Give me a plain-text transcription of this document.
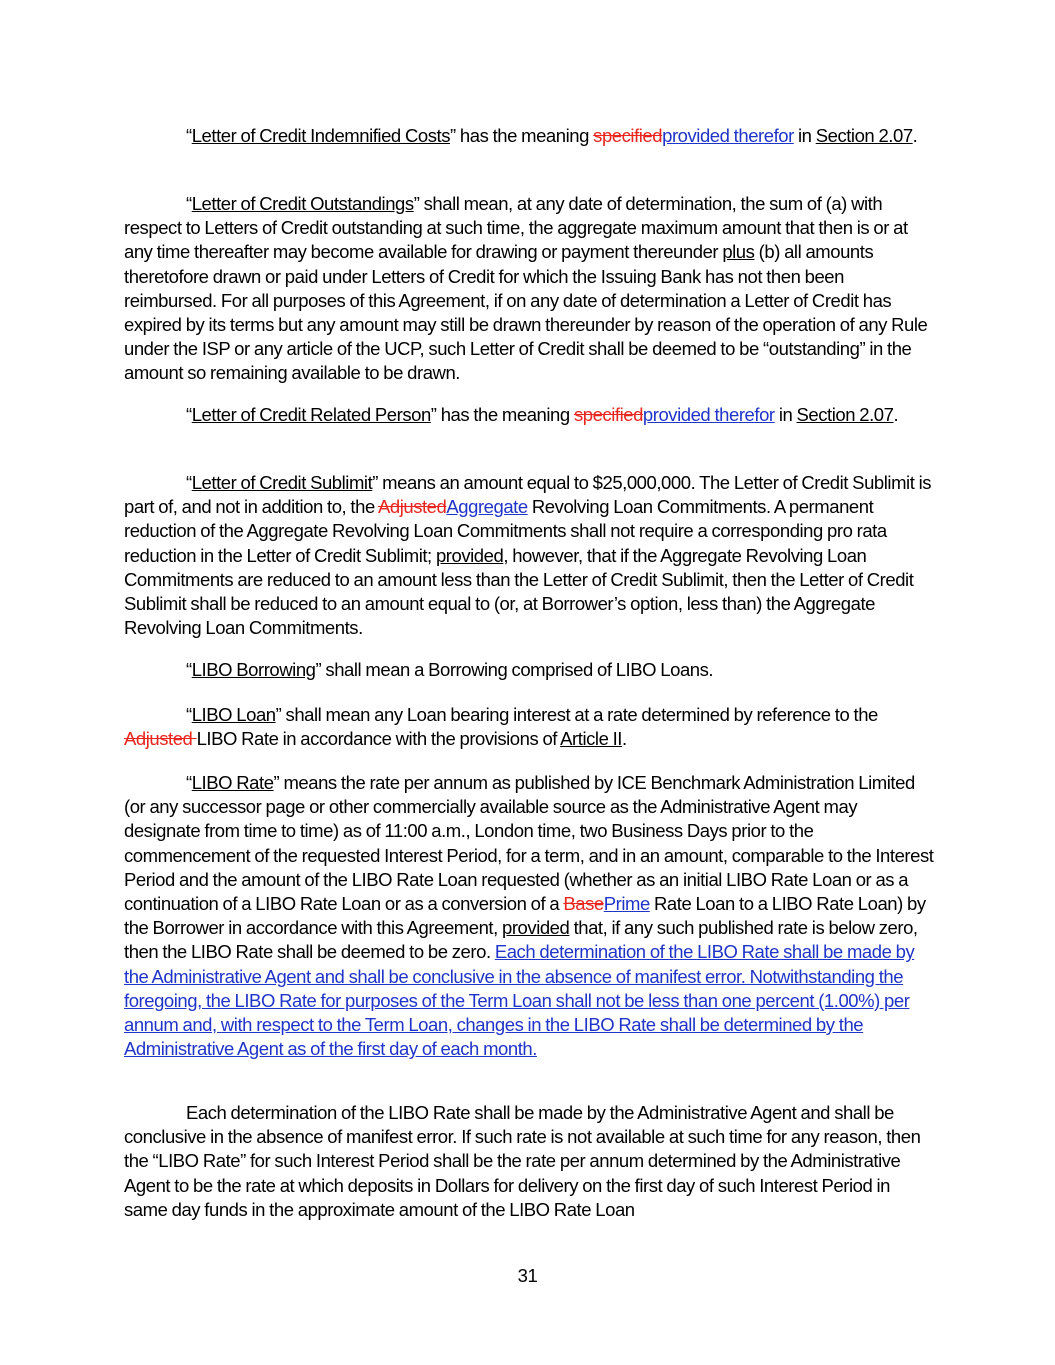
“Letter of Credit Indemnified Costs” has the meaning specifiedprovided therefor in Section 2.07.

“Letter of Credit Outstandings” shall mean, at any date of determination, the sum of (a) with respect to Letters of Credit outstanding at such time, the aggregate maximum amount that then is or at any time thereafter may become available for drawing or payment thereunder plus (b) all amounts theretofore drawn or paid under Letters of Credit for which the Issuing Bank has not then been reimbursed. For all purposes of this Agreement, if on any date of determination a Letter of Credit has expired by its terms but any amount may still be drawn thereunder by reason of the operation of any Rule under the ISP or any article of the UCP, such Letter of Credit shall be deemed to be “outstanding” in the amount so remaining available to be drawn.

“Letter of Credit Related Person” has the meaning specifiedprovided therefor in Section 2.07.

“Letter of Credit Sublimit” means an amount equal to $25,000,000. The Letter of Credit Sublimit is part of, and not in addition to, the AdjustedAggregate Revolving Loan Commitments. A permanent reduction of the Aggregate Revolving Loan Commitments shall not require a corresponding pro rata reduction in the Letter of Credit Sublimit; provided, however, that if the Aggregate Revolving Loan Commitments are reduced to an amount less than the Letter of Credit Sublimit, then the Letter of Credit Sublimit shall be reduced to an amount equal to (or, at Borrower’s option, less than) the Aggregate Revolving Loan Commitments.

“LIBO Borrowing” shall mean a Borrowing comprised of LIBO Loans.

“LIBO Loan” shall mean any Loan bearing interest at a rate determined by reference to the Adjusted LIBO Rate in accordance with the provisions of Article II.

“LIBO Rate” means the rate per annum as published by ICE Benchmark Administration Limited (or any successor page or other commercially available source as the Administrative Agent may designate from time to time) as of 11:00 a.m., London time, two Business Days prior to the commencement of the requested Interest Period, for a term, and in an amount, comparable to the Interest Period and the amount of the LIBO Rate Loan requested (whether as an initial LIBO Rate Loan or as a continuation of a LIBO Rate Loan or as a conversion of a BasePrime Rate Loan to a LIBO Rate Loan) by the Borrower in accordance with this Agreement, provided that, if any such published rate is below zero, then the LIBO Rate shall be deemed to be zero. Each determination of the LIBO Rate shall be made by the Administrative Agent and shall be conclusive in the absence of manifest error. Notwithstanding the foregoing, the LIBO Rate for purposes of the Term Loan shall not be less than one percent (1.00%) per annum and, with respect to the Term Loan, changes in the LIBO Rate shall be determined by the Administrative Agent as of the first day of each month.

Each determination of the LIBO Rate shall be made by the Administrative Agent and shall be conclusive in the absence of manifest error. If such rate is not available at such time for any reason, then the “LIBO Rate” for such Interest Period shall be the rate per annum determined by the Administrative Agent to be the rate at which deposits in Dollars for delivery on the first day of such Interest Period in same day funds in the approximate amount of the LIBO Rate Loan

31
